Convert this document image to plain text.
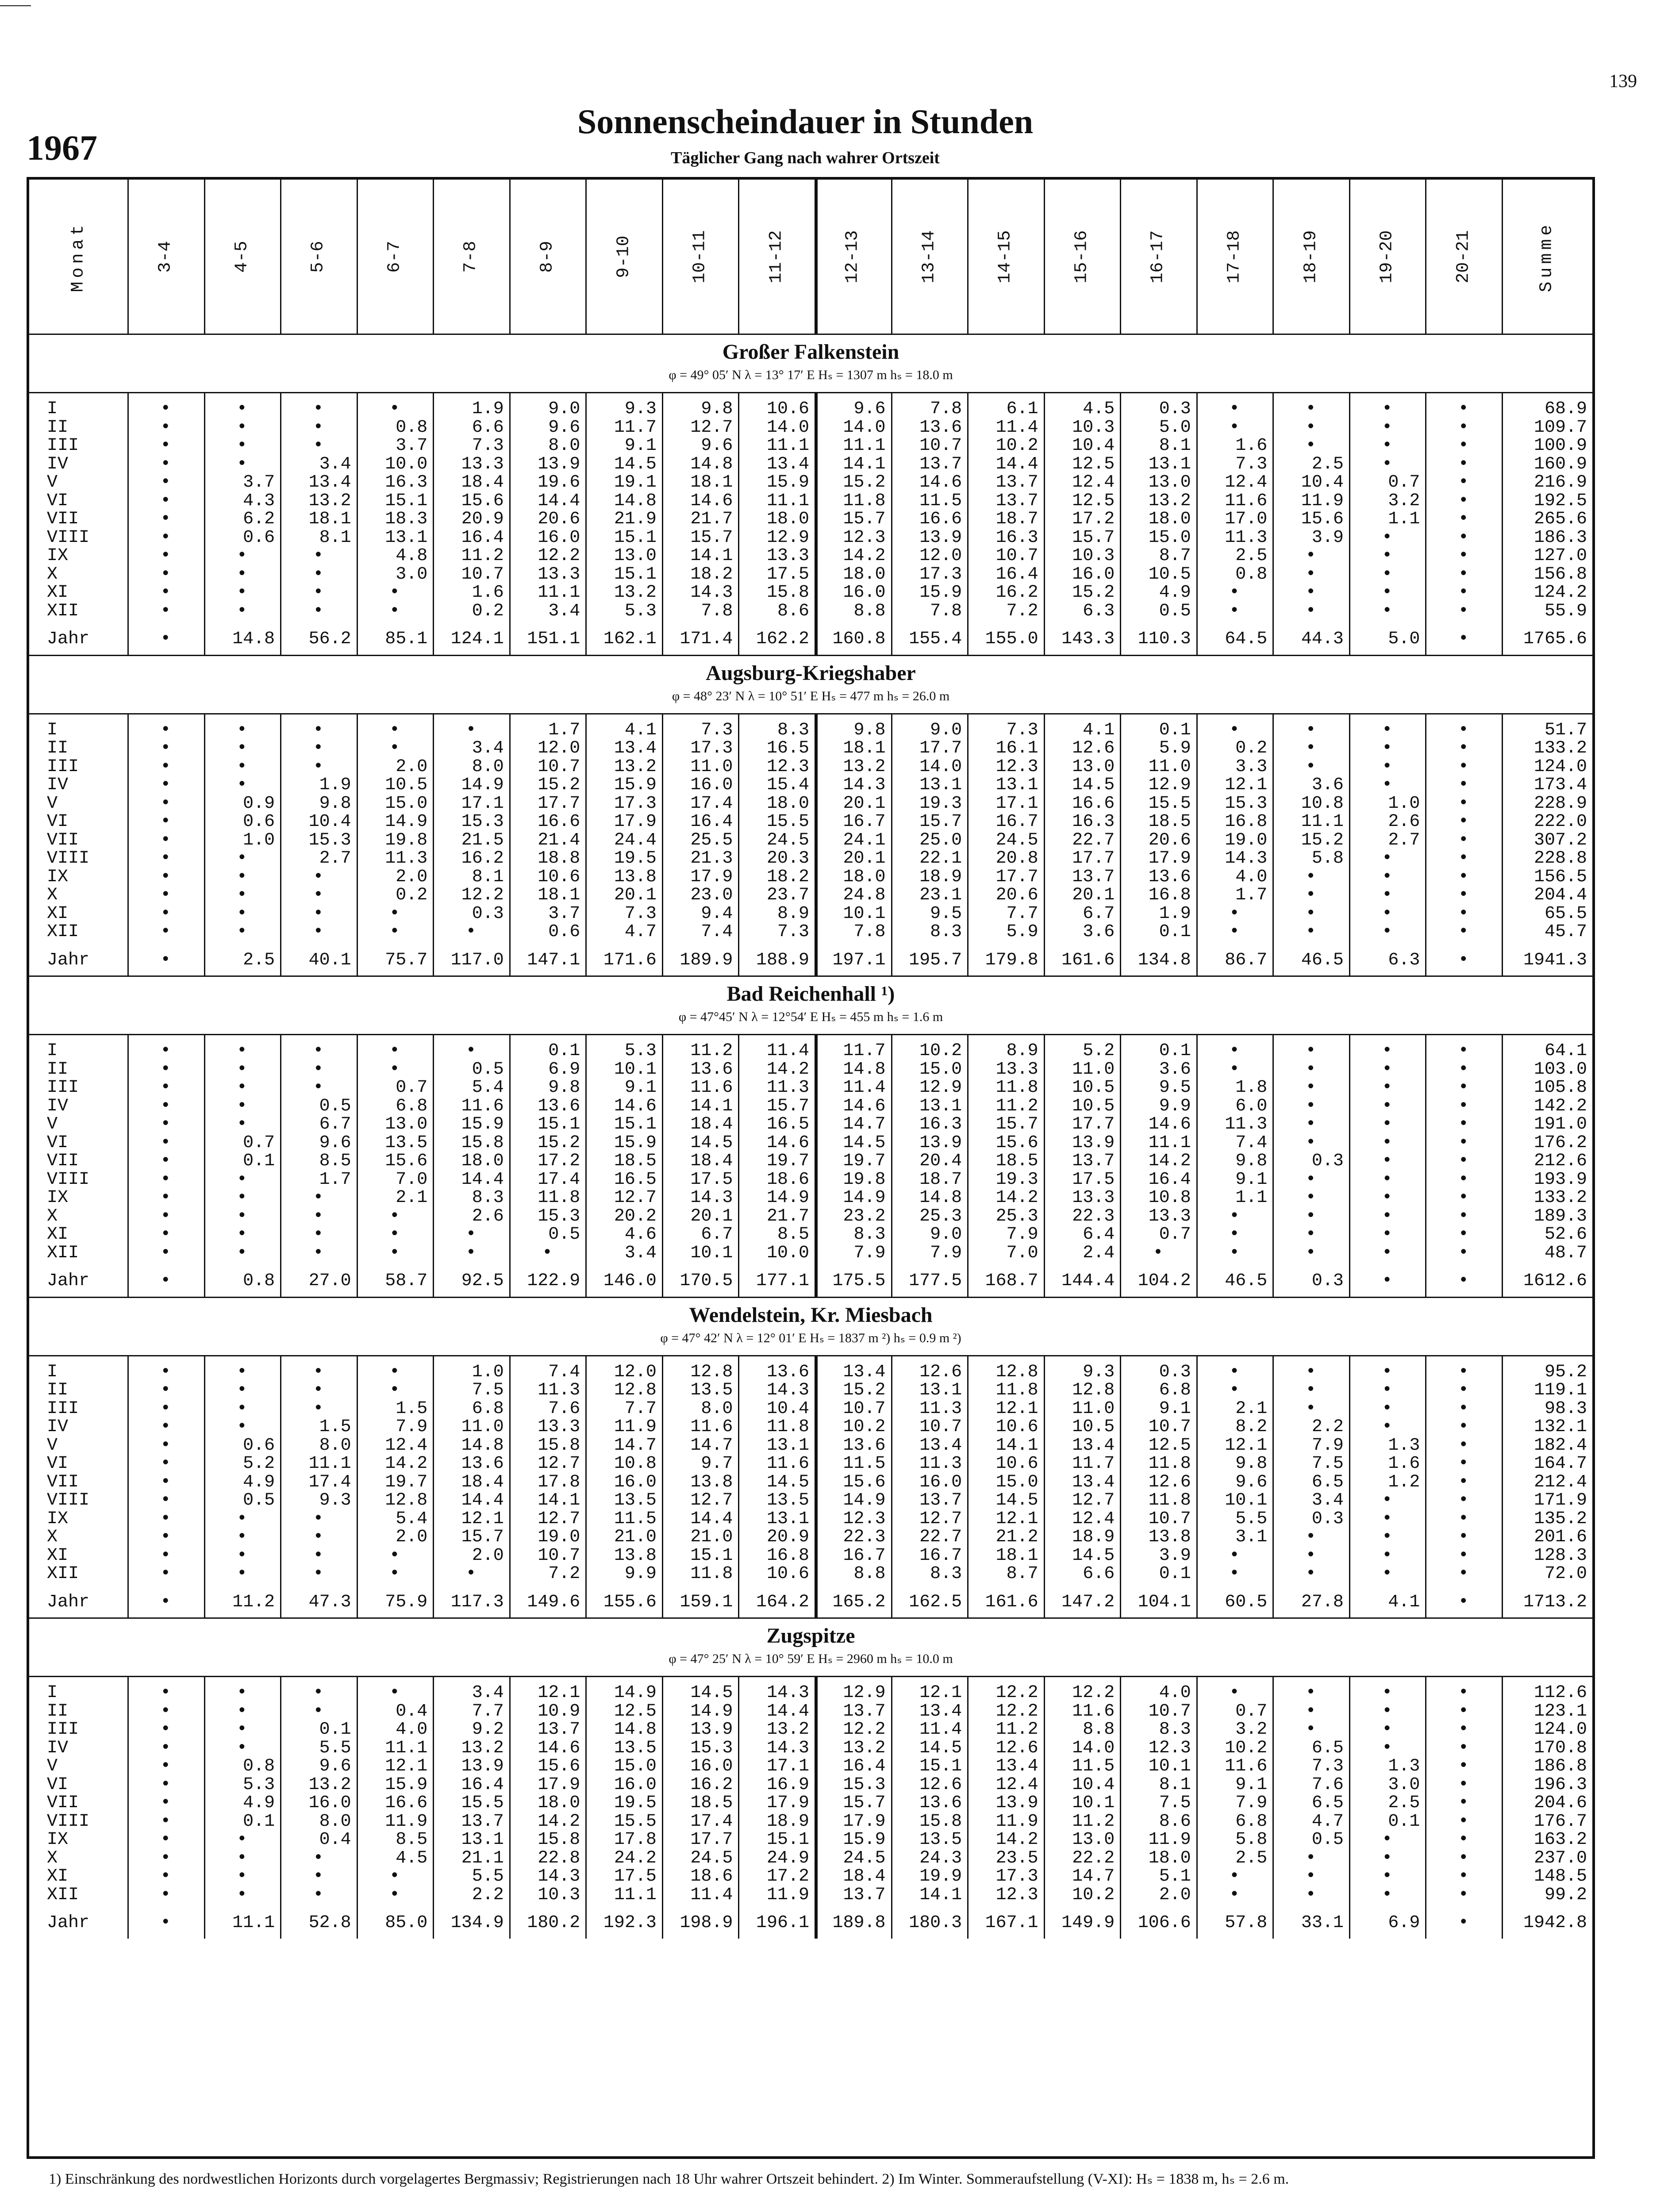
139
1967
Sonnenscheindauer in Stunden
Täglicher Gang nach wahrer Ortszeit
Monat	3-4	4-5	5-6	6-7	7-8	8-9	9-10	10-11	11-12	12-13	13-14	14-15	15-16	16-17	17-18	18-19	19-20	20-21	Summe
Großer Falkenstein
φ = 49° 05′ N λ = 13° 17′ E Hₛ = 1307 m hₛ = 18.0 m
I	•	•	•	•	1.9	9.0	9.3	9.8	10.6	9.6	7.8	6.1	4.5	0.3	•	•	•	•	68.9
II	•	•	•	0.8	6.6	9.6	11.7	12.7	14.0	14.0	13.6	11.4	10.3	5.0	•	•	•	•	109.7
III	•	•	•	3.7	7.3	8.0	9.1	9.6	11.1	11.1	10.7	10.2	10.4	8.1	1.6	•	•	•	100.9
IV	•	•	3.4	10.0	13.3	13.9	14.5	14.8	13.4	14.1	13.7	14.4	12.5	13.1	7.3	2.5	•	•	160.9
V	•	3.7	13.4	16.3	18.4	19.6	19.1	18.1	15.9	15.2	14.6	13.7	12.4	13.0	12.4	10.4	0.7	•	216.9
VI	•	4.3	13.2	15.1	15.6	14.4	14.8	14.6	11.1	11.8	11.5	13.7	12.5	13.2	11.6	11.9	3.2	•	192.5
VII	•	6.2	18.1	18.3	20.9	20.6	21.9	21.7	18.0	15.7	16.6	18.7	17.2	18.0	17.0	15.6	1.1	•	265.6
VIII	•	0.6	8.1	13.1	16.4	16.0	15.1	15.7	12.9	12.3	13.9	16.3	15.7	15.0	11.3	3.9	•	•	186.3
IX	•	•	•	4.8	11.2	12.2	13.0	14.1	13.3	14.2	12.0	10.7	10.3	8.7	2.5	•	•	•	127.0
X	•	•	•	3.0	10.7	13.3	15.1	18.2	17.5	18.0	17.3	16.4	16.0	10.5	0.8	•	•	•	156.8
XI	•	•	•	•	1.6	11.1	13.2	14.3	15.8	16.0	15.9	16.2	15.2	4.9	•	•	•	•	124.2
XII	•	•	•	•	0.2	3.4	5.3	7.8	8.6	8.8	7.8	7.2	6.3	0.5	•	•	•	•	55.9
Jahr	•	14.8	56.2	85.1	124.1	151.1	162.1	171.4	162.2	160.8	155.4	155.0	143.3	110.3	64.5	44.3	5.0	•	1765.6
Augsburg-Kriegshaber
φ = 48° 23′ N λ = 10° 51′ E Hₛ = 477 m hₛ = 26.0 m
I	•	•	•	•	•	1.7	4.1	7.3	8.3	9.8	9.0	7.3	4.1	0.1	•	•	•	•	51.7
II	•	•	•	•	3.4	12.0	13.4	17.3	16.5	18.1	17.7	16.1	12.6	5.9	0.2	•	•	•	133.2
III	•	•	•	2.0	8.0	10.7	13.2	11.0	12.3	13.2	14.0	12.3	13.0	11.0	3.3	•	•	•	124.0
IV	•	•	1.9	10.5	14.9	15.2	15.9	16.0	15.4	14.3	13.1	13.1	14.5	12.9	12.1	3.6	•	•	173.4
V	•	0.9	9.8	15.0	17.1	17.7	17.3	17.4	18.0	20.1	19.3	17.1	16.6	15.5	15.3	10.8	1.0	•	228.9
VI	•	0.6	10.4	14.9	15.3	16.6	17.9	16.4	15.5	16.7	15.7	16.7	16.3	18.5	16.8	11.1	2.6	•	222.0
VII	•	1.0	15.3	19.8	21.5	21.4	24.4	25.5	24.5	24.1	25.0	24.5	22.7	20.6	19.0	15.2	2.7	•	307.2
VIII	•	•	2.7	11.3	16.2	18.8	19.5	21.3	20.3	20.1	22.1	20.8	17.7	17.9	14.3	5.8	•	•	228.8
IX	•	•	•	2.0	8.1	10.6	13.8	17.9	18.2	18.0	18.9	17.7	13.7	13.6	4.0	•	•	•	156.5
X	•	•	•	0.2	12.2	18.1	20.1	23.0	23.7	24.8	23.1	20.6	20.1	16.8	1.7	•	•	•	204.4
XI	•	•	•	•	0.3	3.7	7.3	9.4	8.9	10.1	9.5	7.7	6.7	1.9	•	•	•	•	65.5
XII	•	•	•	•	•	0.6	4.7	7.4	7.3	7.8	8.3	5.9	3.6	0.1	•	•	•	•	45.7
Jahr	•	2.5	40.1	75.7	117.0	147.1	171.6	189.9	188.9	197.1	195.7	179.8	161.6	134.8	86.7	46.5	6.3	•	1941.3
Bad Reichenhall ¹)
φ = 47°45′ N λ = 12°54′ E Hₛ = 455 m hₛ = 1.6 m
I	•	•	•	•	•	0.1	5.3	11.2	11.4	11.7	10.2	8.9	5.2	0.1	•	•	•	•	64.1
II	•	•	•	•	0.5	6.9	10.1	13.6	14.2	14.8	15.0	13.3	11.0	3.6	•	•	•	•	103.0
III	•	•	•	0.7	5.4	9.8	9.1	11.6	11.3	11.4	12.9	11.8	10.5	9.5	1.8	•	•	•	105.8
IV	•	•	0.5	6.8	11.6	13.6	14.6	14.1	15.7	14.6	13.1	11.2	10.5	9.9	6.0	•	•	•	142.2
V	•	•	6.7	13.0	15.9	15.1	15.1	18.4	16.5	14.7	16.3	15.7	17.7	14.6	11.3	•	•	•	191.0
VI	•	0.7	9.6	13.5	15.8	15.2	15.9	14.5	14.6	14.5	13.9	15.6	13.9	11.1	7.4	•	•	•	176.2
VII	•	0.1	8.5	15.6	18.0	17.2	18.5	18.4	19.7	19.7	20.4	18.5	13.7	14.2	9.8	0.3	•	•	212.6
VIII	•	•	1.7	7.0	14.4	17.4	16.5	17.5	18.6	19.8	18.7	19.3	17.5	16.4	9.1	•	•	•	193.9
IX	•	•	•	2.1	8.3	11.8	12.7	14.3	14.9	14.9	14.8	14.2	13.3	10.8	1.1	•	•	•	133.2
X	•	•	•	•	2.6	15.3	20.2	20.1	21.7	23.2	25.3	25.3	22.3	13.3	•	•	•	•	189.3
XI	•	•	•	•	•	0.5	4.6	6.7	8.5	8.3	9.0	7.9	6.4	0.7	•	•	•	•	52.6
XII	•	•	•	•	•	•	3.4	10.1	10.0	7.9	7.9	7.0	2.4	•	•	•	•	•	48.7
Jahr	•	0.8	27.0	58.7	92.5	122.9	146.0	170.5	177.1	175.5	177.5	168.7	144.4	104.2	46.5	0.3	•	•	1612.6
Wendelstein, Kr. Miesbach
φ = 47° 42′ N λ = 12° 01′ E Hₛ = 1837 m ²) hₛ = 0.9 m ²)
I	•	•	•	•	1.0	7.4	12.0	12.8	13.6	13.4	12.6	12.8	9.3	0.3	•	•	•	•	95.2
II	•	•	•	•	7.5	11.3	12.8	13.5	14.3	15.2	13.1	11.8	12.8	6.8	•	•	•	•	119.1
III	•	•	•	1.5	6.8	7.6	7.7	8.0	10.4	10.7	11.3	12.1	11.0	9.1	2.1	•	•	•	98.3
IV	•	•	1.5	7.9	11.0	13.3	11.9	11.6	11.8	10.2	10.7	10.6	10.5	10.7	8.2	2.2	•	•	132.1
V	•	0.6	8.0	12.4	14.8	15.8	14.7	14.7	13.1	13.6	13.4	14.1	13.4	12.5	12.1	7.9	1.3	•	182.4
VI	•	5.2	11.1	14.2	13.6	12.7	10.8	9.7	11.6	11.5	11.3	10.6	11.7	11.8	9.8	7.5	1.6	•	164.7
VII	•	4.9	17.4	19.7	18.4	17.8	16.0	13.8	14.5	15.6	16.0	15.0	13.4	12.6	9.6	6.5	1.2	•	212.4
VIII	•	0.5	9.3	12.8	14.4	14.1	13.5	12.7	13.5	14.9	13.7	14.5	12.7	11.8	10.1	3.4	•	•	171.9
IX	•	•	•	5.4	12.1	12.7	11.5	14.4	13.1	12.3	12.7	12.1	12.4	10.7	5.5	0.3	•	•	135.2
X	•	•	•	2.0	15.7	19.0	21.0	21.0	20.9	22.3	22.7	21.2	18.9	13.8	3.1	•	•	•	201.6
XI	•	•	•	•	2.0	10.7	13.8	15.1	16.8	16.7	16.7	18.1	14.5	3.9	•	•	•	•	128.3
XII	•	•	•	•	•	7.2	9.9	11.8	10.6	8.8	8.3	8.7	6.6	0.1	•	•	•	•	72.0
Jahr	•	11.2	47.3	75.9	117.3	149.6	155.6	159.1	164.2	165.2	162.5	161.6	147.2	104.1	60.5	27.8	4.1	•	1713.2
Zugspitze
φ = 47° 25′ N λ = 10° 59′ E Hₛ = 2960 m hₛ = 10.0 m
I	•	•	•	•	3.4	12.1	14.9	14.5	14.3	12.9	12.1	12.2	12.2	4.0	•	•	•	•	112.6
II	•	•	•	0.4	7.7	10.9	12.5	14.9	14.4	13.7	13.4	12.2	11.6	10.7	0.7	•	•	•	123.1
III	•	•	0.1	4.0	9.2	13.7	14.8	13.9	13.2	12.2	11.4	11.2	8.8	8.3	3.2	•	•	•	124.0
IV	•	•	5.5	11.1	13.2	14.6	13.5	15.3	14.3	13.2	14.5	12.6	14.0	12.3	10.2	6.5	•	•	170.8
V	•	0.8	9.6	12.1	13.9	15.6	15.0	16.0	17.1	16.4	15.1	13.4	11.5	10.1	11.6	7.3	1.3	•	186.8
VI	•	5.3	13.2	15.9	16.4	17.9	16.0	16.2	16.9	15.3	12.6	12.4	10.4	8.1	9.1	7.6	3.0	•	196.3
VII	•	4.9	16.0	16.6	15.5	18.0	19.5	18.5	17.9	15.7	13.6	13.9	10.1	7.5	7.9	6.5	2.5	•	204.6
VIII	•	0.1	8.0	11.9	13.7	14.2	15.5	17.4	18.9	17.9	15.8	11.9	11.2	8.6	6.8	4.7	0.1	•	176.7
IX	•	•	0.4	8.5	13.1	15.8	17.8	17.7	15.1	15.9	13.5	14.2	13.0	11.9	5.8	0.5	•	•	163.2
X	•	•	•	4.5	21.1	22.8	24.2	24.5	24.9	24.5	24.3	23.5	22.2	18.0	2.5	•	•	•	237.0
XI	•	•	•	•	5.5	14.3	17.5	18.6	17.2	18.4	19.9	17.3	14.7	5.1	•	•	•	•	148.5
XII	•	•	•	•	2.2	10.3	11.1	11.4	11.9	13.7	14.1	12.3	10.2	2.0	•	•	•	•	99.2
Jahr	•	11.1	52.8	85.0	134.9	180.2	192.3	198.9	196.1	189.8	180.3	167.1	149.9	106.6	57.8	33.1	6.9	•	1942.8
1) Einschränkung des nordwestlichen Horizonts durch vorgelagertes Bergmassiv; Registrierungen nach 18 Uhr wahrer Ortszeit behindert. 2) Im Winter. Sommeraufstellung (V-XI): Hₛ = 1838 m, hₛ = 2.6 m.
